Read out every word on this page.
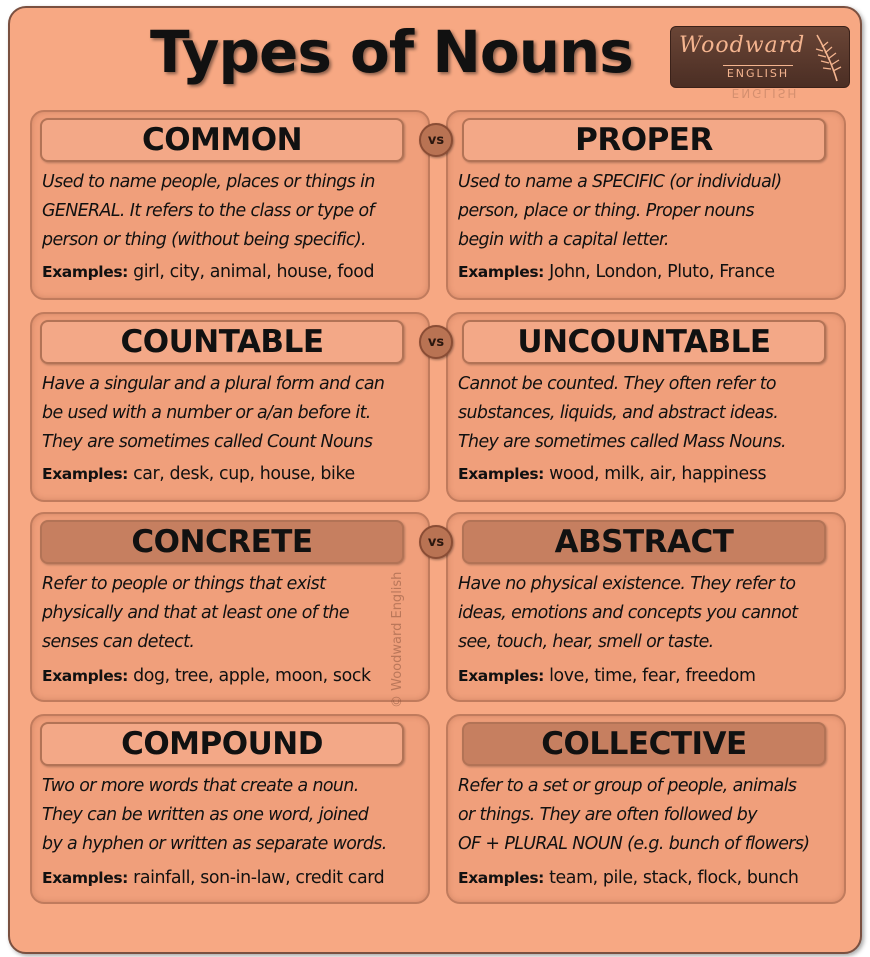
Types of Nouns Woodward
ENGLISH
ENGLISH
COMMON
Used to name people, places or things in
GENERAL. It refers to the class or type of
person or thing (without being specific).
Examples: girl, city, animal, house, food
PROPER
Used to name a SPECIFIC (or individual)
person, place or thing. Proper nouns
begin with a capital letter.
Examples: John, London, Pluto, France
vs
COUNTABLE
Have a singular and a plural form and can
be used with a number or a/an before it.
They are sometimes called Count Nouns
Examples: car, desk, cup, house, bike
UNCOUNTABLE
Cannot be counted. They often refer to
substances, liquids, and abstract ideas.
They are sometimes called Mass Nouns.
Examples: wood, milk, air, happiness
vs
CONCRETE
Refer to people or things that exist
physically and that at least one of the
senses can detect.
Examples: dog, tree, apple, moon, sock
ABSTRACT
Have no physical existence. They refer to
ideas, emotions and concepts you cannot
see, touch, hear, smell or taste.
Examples: love, time, fear, freedom
vs
COMPOUND
Two or more words that create a noun.
They can be written as one word, joined
by a hyphen or written as separate words.
Examples: rainfall, son-in-law, credit card
COLLECTIVE
Refer to a set or group of people, animals
or things. They are often followed by
OF + PLURAL NOUN (e.g. bunch of flowers)
Examples: team, pile, stack, flock, bunch
© Woodward English
